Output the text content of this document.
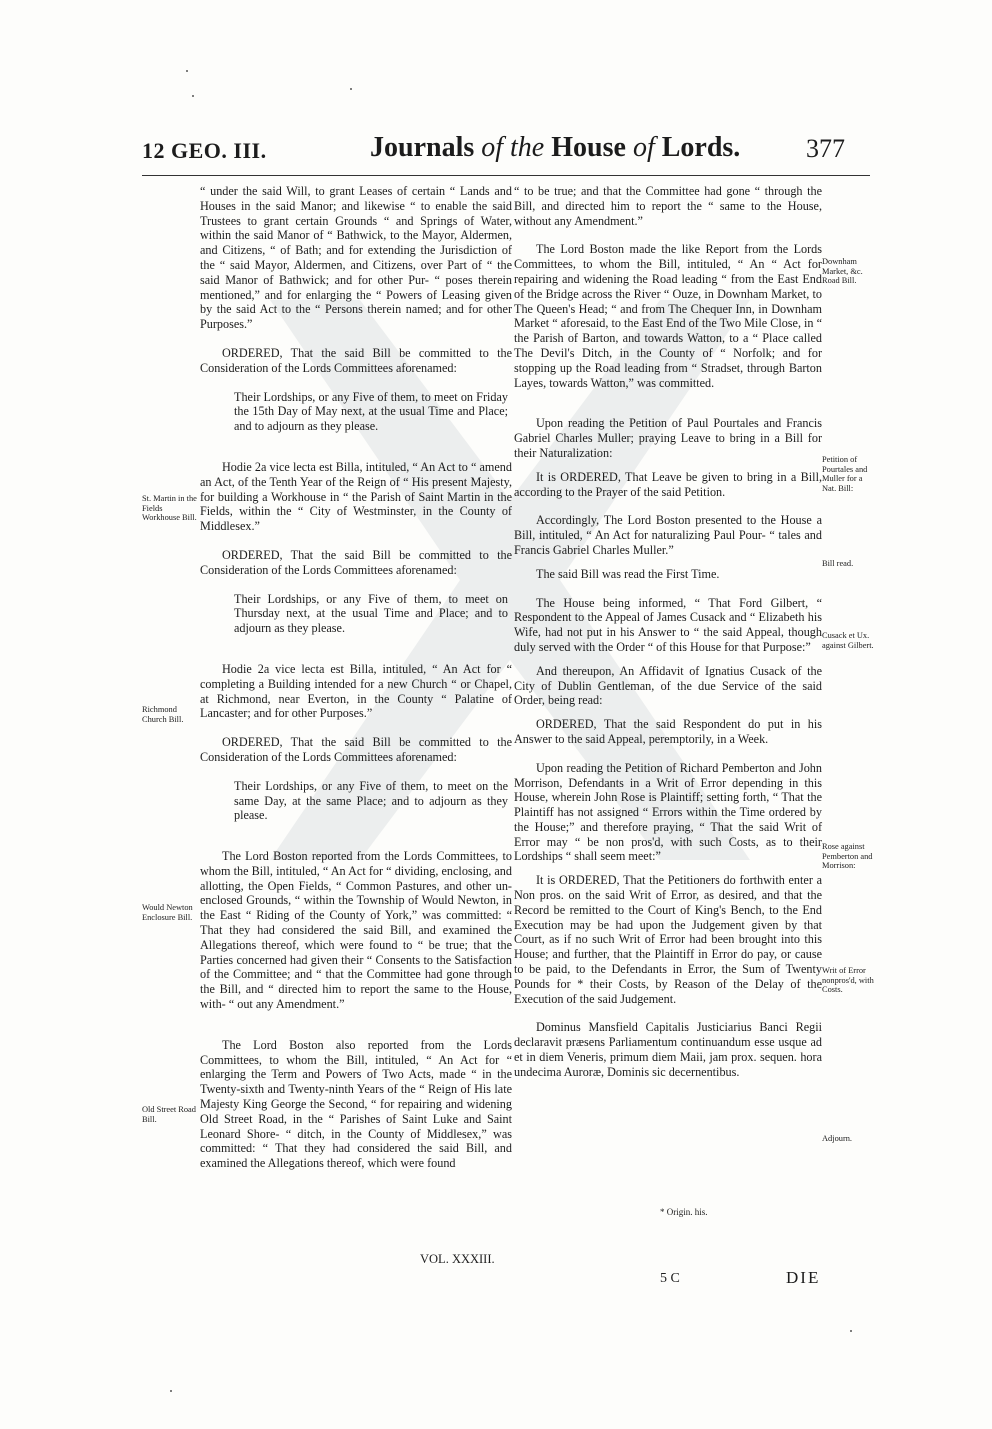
12 GEO. III.	Journals of the House of Lords.	377

“ under the said Will, to grant Leases of certain “ Lands and Houses in the said Manor; and likewise “ to enable the said Trustees to grant certain Grounds “ and Springs of Water, within the said Manor of “ Bathwick, to the Mayor, Aldermen, and Citizens, “ of Bath; and for extending the Jurisdiction of the “ said Mayor, Aldermen, and Citizens, over Part of “ the said Manor of Bathwick; and for other Pur- “ poses therein mentioned,” and for enlarging the “ Powers of Leasing given by the said Act to the “ Persons therein named; and for other Purposes.”

ORDERED, That the said Bill be committed to the Consideration of the Lords Committees aforenamed:

Their Lordships, or any Five of them, to meet on Friday the 15th Day of May next, at the usual Time and Place; and to adjourn as they please.

Hodie 2a vice lecta est Billa, intituled, “ An Act to “ amend an Act, of the Tenth Year of the Reign of “ His present Majesty, for building a Workhouse in “ the Parish of Saint Martin in the Fields, within the “ City of Westminster, in the County of Middlesex.”

ORDERED, That the said Bill be committed to the Consideration of the Lords Committees aforenamed:

Their Lordships, or any Five of them, to meet on Thursday next, at the usual Time and Place; and to adjourn as they please.

Hodie 2a vice lecta est Billa, intituled, “ An Act for “ completing a Building intended for a new Church “ or Chapel, at Richmond, near Everton, in the County “ Palatine of Lancaster; and for other Purposes.”

ORDERED, That the said Bill be committed to the Consideration of the Lords Committees aforenamed:

Their Lordships, or any Five of them, to meet on the same Day, at the same Place; and to adjourn as they please.

The Lord Boston reported from the Lords Committees, to whom the Bill, intituled, “ An Act for “ dividing, enclosing, and allotting, the Open Fields, “ Common Pastures, and other un-enclosed Grounds, “ within the Township of Would Newton, in the East “ Riding of the County of York,” was committed: “ That they had considered the said Bill, and examined the Allegations thereof, which were found to “ be true; that the Parties concerned had given their “ Consents to the Satisfaction of the Committee; and “ that the Committee had gone through the Bill, and “ directed him to report the same to the House, with- “ out any Amendment.”

The Lord Boston also reported from the Lords Committees, to whom the Bill, intituled, “ An Act for “ enlarging the Term and Powers of Two Acts, made “ in the Twenty-sixth and Twenty-ninth Years of the “ Reign of His late Majesty King George the Second, “ for repairing and widening Old Street Road, in the “ Parishes of Saint Luke and Saint Leonard Shore- “ ditch, in the County of Middlesex,” was committed: “ That they had considered the said Bill, and examined the Allegations thereof, which were found

“ to be true; and that the Committee had gone “ through the Bill, and directed him to report the “ same to the House, without any Amendment.”

The Lord Boston made the like Report from the Lords Committees, to whom the Bill, intituled, “ An “ Act for repairing and widening the Road leading “ from the East End of the Bridge across the River “ Ouze, in Downham Market, to The Queen's Head; “ and from The Chequer Inn, in Downham Market “ aforesaid, to the East End of the Two Mile Close, in “ the Parish of Barton, and towards Watton, to a “ Place called The Devil's Ditch, in the County of “ Norfolk; and for stopping up the Road leading from “ Stradset, through Barton Layes, towards Watton,” was committed.

Upon reading the Petition of Paul Pourtales and Francis Gabriel Charles Muller; praying Leave to bring in a Bill for their Naturalization:

It is ORDERED, That Leave be given to bring in a Bill, according to the Prayer of the said Petition.

Accordingly, The Lord Boston presented to the House a Bill, intituled, “ An Act for naturalizing Paul Pour- “ tales and Francis Gabriel Charles Muller.”

The said Bill was read the First Time.

The House being informed, “ That Ford Gilbert, “ Respondent to the Appeal of James Cusack and “ Elizabeth his Wife, had not put in his Answer to “ the said Appeal, though duly served with the Order “ of this House for that Purpose:”

And thereupon, An Affidavit of Ignatius Cusack of the City of Dublin Gentleman, of the due Service of the said Order, being read:

ORDERED, That the said Respondent do put in his Answer to the said Appeal, peremptorily, in a Week.

Upon reading the Petition of Richard Pemberton and John Morrison, Defendants in a Writ of Error depending in this House, wherein John Rose is Plaintiff; setting forth, “ That the Plaintiff has not assigned “ Errors within the Time ordered by the House;” and therefore praying, “ That the said Writ of Error may “ be non pros'd, with such Costs, as to their Lordships “ shall seem meet:”

It is ORDERED, That the Petitioners do forthwith enter a Non pros. on the said Writ of Error, as desired, and that the Record be remitted to the Court of King's Bench, to the End Execution may be had upon the Judgement given by that Court, as if no such Writ of Error had been brought into this House; and further, that the Plaintiff in Error do pay, or cause to be paid, to the Defendants in Error, the Sum of Twenty Pounds for * their Costs, by Reason of the Delay of the Execution of the said Judgement.

Dominus Mansfield Capitalis Justiciarius Banci Regii declaravit præsens Parliamentum continuandum esse usque ad et in diem Veneris, primum diem Maii, jam prox. sequen. hora undecima Auroræ, Dominis sic decernentibus.

St. Martin in the Fields Workhouse Bill.
Richmond Church Bill.
Would Newton Enclosure Bill.
Old Street Road Bill.
Downham Market, &c. Road Bill.
Petition of Pourtales and Muller for a Nat. Bill:
Bill read.
Cusack et Ux. against Gilbert.
Rose against Pemberton and Morrison:
Writ of Error nonpros'd, with Costs.
Adjourn.
VOL. XXXIII.
* Origin. his.
5 C	DIE
